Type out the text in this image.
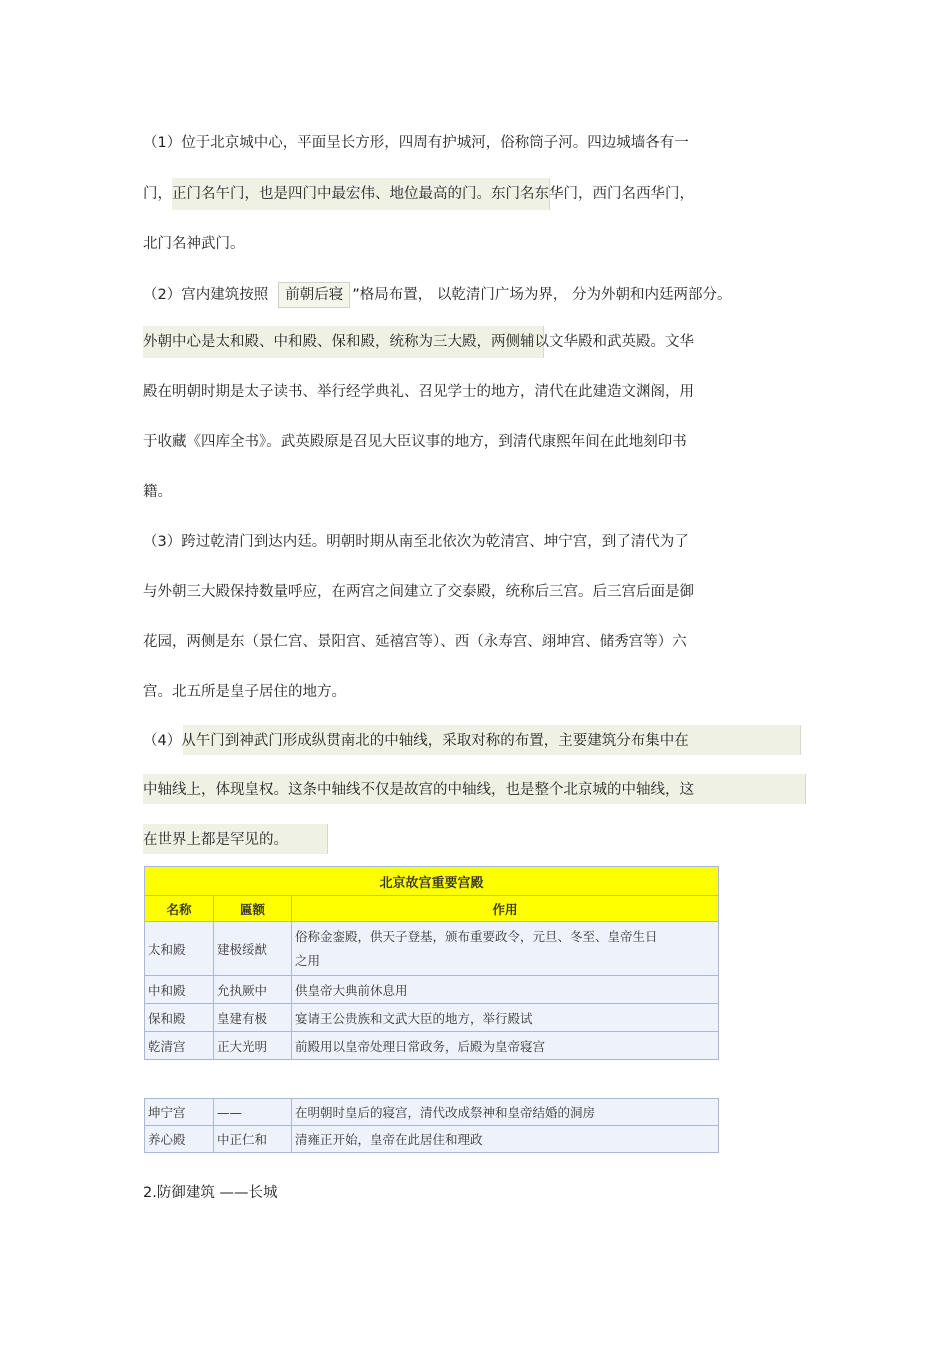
（1）位于北京城中心，平面呈长方形，四周有护城河，俗称筒子河。四边城墙各有一
门，正门名午门，也是四门中最宏伟、地位最高的门。东门名东华门，西门名西华门，
北门名神武门。
（2）宫内建筑按照 前朝后寝 ”格局布置， 以乾清门广场为界， 分为外朝和内廷两部分。
外朝中心是太和殿、中和殿、保和殿，统称为三大殿，两侧辅以文华殿和武英殿。文华
殿在明朝时期是太子读书、举行经学典礼、召见学士的地方，清代在此建造文渊阁，用
于收藏《四库全书》。武英殿原是召见大臣议事的地方，到清代康熙年间在此地刻印书
籍。
（3）跨过乾清门到达内廷。明朝时期从南至北依次为乾清宫、坤宁宫，到了清代为了
与外朝三大殿保持数量呼应，在两宫之间建立了交泰殿，统称后三宫。后三宫后面是御
花园，两侧是东（景仁宫、景阳宫、延禧宫等）、西（永寿宫、翊坤宫、储秀宫等）六
宫。北五所是皇子居住的地方。
（4）从午门到神武门形成纵贯南北的中轴线，采取对称的布置，主要建筑分布集中在
中轴线上，体现皇权。这条中轴线不仅是故宫的中轴线，也是整个北京城的中轴线，这
在世界上都是罕见的。
北京故宫重要宫殿		
名称	匾额	作用
太和殿	建极绥猷	俗称金銮殿，供天子登基，颁布重要政令，元旦、冬至、皇帝生日
之用

中和殿	允执厥中	供皇帝大典前休息用
保和殿	皇建有极	宴请王公贵族和文武大臣的地方，举行殿试
乾清宫	正大光明	前殿用以皇帝处理日常政务，后殿为皇帝寝宫
坤宁宫	——	在明朝时皇后的寝宫，清代改成祭神和皇帝结婚的洞房
养心殿	中正仁和	清雍正开始，皇帝在此居住和理政
2.防御建筑 ——长城
